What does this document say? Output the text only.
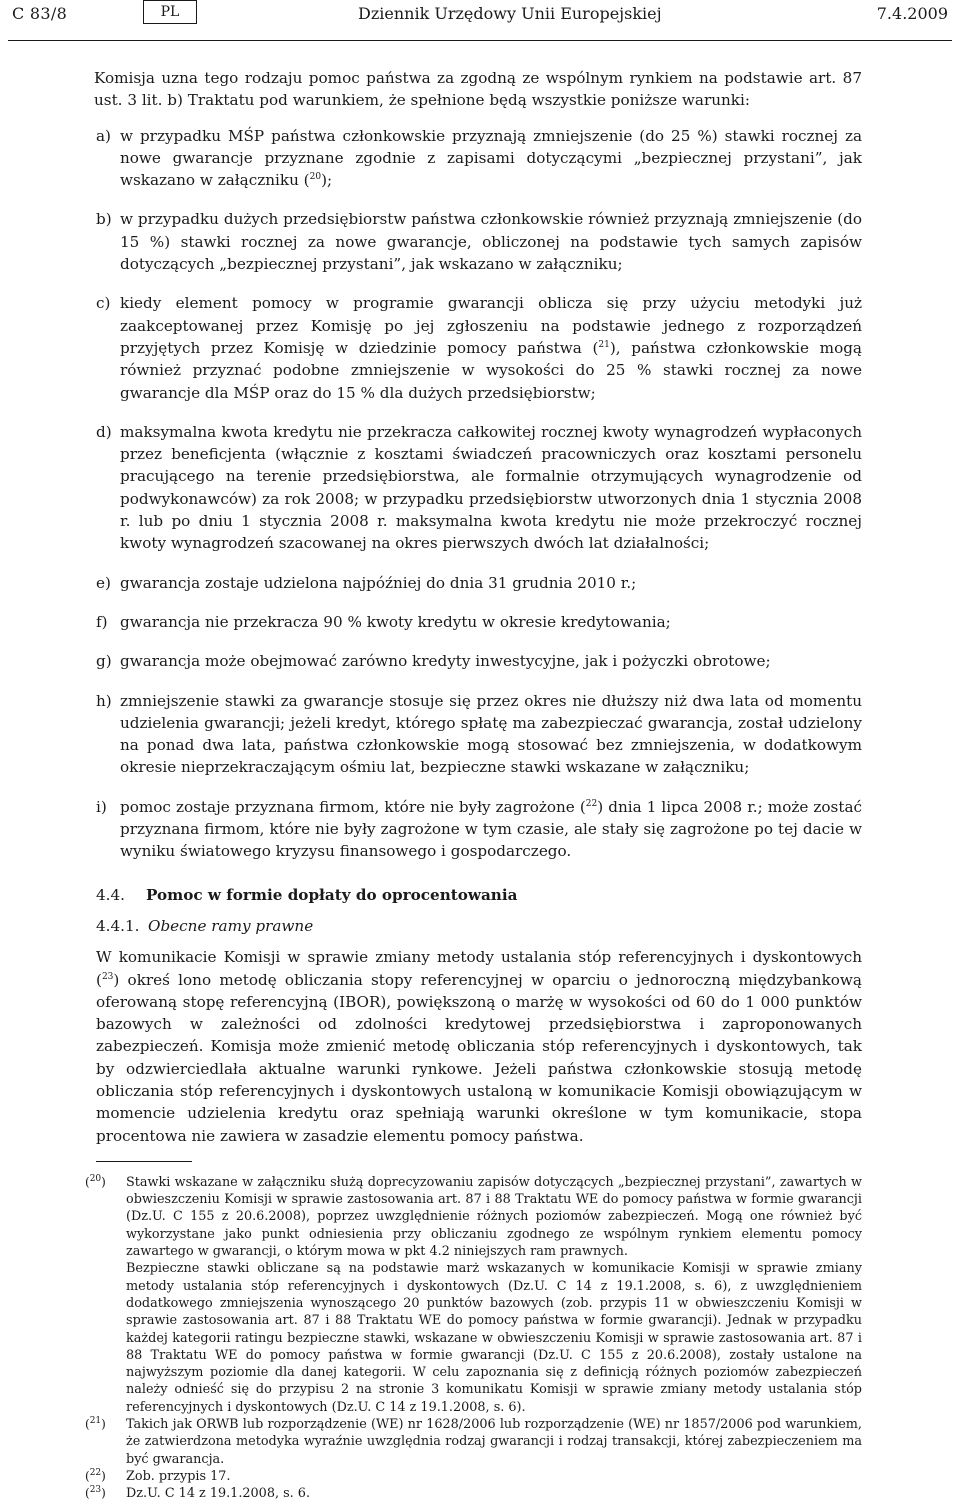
C 83/8	PL	Dziennik Urzędowy Unii Europejskiej	7.4.2009
Komisja uzna tego rodzaju pomoc państwa za zgodną ze wspólnym rynkiem na podstawie art. 87 ust. 3 lit. b) Traktatu pod warunkiem, że spełnione będą wszystkie poniższe warunki:
a) w przypadku MŚP państwa członkowskie przyznają zmniejszenie (do 25 %) stawki rocznej za nowe gwarancje przyznane zgodnie z zapisami dotyczącymi „bezpiecznej przystani”, jak wskazano w załączniku ($^{20}$);
b) w przypadku dużych przedsiębiorstw państwa członkowskie również przyznają zmniejszenie (do 15 %) stawki rocznej za nowe gwarancje, obliczonej na podstawie tych samych zapisów dotyczących „bezpiecznej przystani”, jak wskazano w załączniku;
c) kiedy element pomocy w programie gwarancji oblicza się przy użyciu metodyki już zaakceptowanej przez Komisję po jej zgłoszeniu na podstawie jednego z rozporządzeń przyjętych przez Komisję w dziedzinie pomocy państwa ($^{21}$), państwa członkowskie mogą również przyznać podobne zmniejszenie w wysokości do 25 % stawki rocznej za nowe gwarancje dla MŚP oraz do 15 % dla dużych przedsiębiorstw;
d) maksymalna kwota kredytu nie przekracza całkowitej rocznej kwoty wynagrodzeń wypłaconych przez beneficjenta (włącznie z kosztami świadczeń pracowniczych oraz kosztami personelu pracującego na terenie przedsiębiorstwa, ale formalnie otrzymujących wynagrodzenie od podwykonawców) za rok 2008; w przypadku przedsiębiorstw utworzonych dnia 1 stycznia 2008 r. lub po dniu 1 stycznia 2008 r. maksymalna kwota kredytu nie może przekroczyć rocznej kwoty wynagrodzeń szacowanej na okres pierwszych dwóch lat działalności;
e) gwarancja zostaje udzielona najpóźniej do dnia 31 grudnia 2010 r.;
f) gwarancja nie przekracza 90 % kwoty kredytu w okresie kredytowania;
g) gwarancja może obejmować zarówno kredyty inwestycyjne, jak i pożyczki obrotowe;
h) zmniejszenie stawki za gwarancje stosuje się przez okres nie dłuższy niż dwa lata od momentu udzielenia gwarancji; jeżeli kredyt, którego spłatę ma zabezpieczać gwarancja, został udzielony na ponad dwa lata, państwa członkowskie mogą stosować bez zmniejszenia, w dodatkowym okresie nieprzekraczającym ośmiu lat, bezpieczne stawki wskazane w załączniku;
i) pomoc zostaje przyznana firmom, które nie były zagrożone ($^{22}$) dnia 1 lipca 2008 r.; może zostać przyznana firmom, które nie były zagrożone w tym czasie, ale stały się zagrożone po tej dacie w wyniku światowego kryzysu finansowego i gospodarczego.
4.4. Pomoc w formie dopłaty do oprocentowania
4.4.1. Obecne ramy prawne
W komunikacie Komisji w sprawie zmiany metody ustalania stóp referencyjnych i dyskontowych ($^{23}$) okreś lono metodę obliczania stopy referencyjnej w oparciu o jednoroczną międzybankową oferowaną stopę referencyjną (IBOR), powiększoną o marżę w wysokości od 60 do 1 000 punktów bazowych w zależności od zdolności kredytowej przedsiębiorstwa i zaproponowanych zabezpieczeń. Komisja może zmienić metodę obliczania stóp referencyjnych i dyskontowych, tak by odzwierciedlała aktualne warunki rynkowe. Jeżeli państwa członkowskie stosują metodę obliczania stóp referencyjnych i dyskontowych ustaloną w komunikacie Komisji obowiązującym w momencie udzielenia kredytu oraz spełniają warunki określone w tym komunikacie, stopa procentowa nie zawiera w zasadzie elementu pomocy państwa.
($^{20}$) Stawki wskazane w załączniku służą doprecyzowaniu zapisów dotyczących „bezpiecznej przystani”, zawartych w obwieszczeniu Komisji w sprawie zastosowania art. 87 i 88 Traktatu WE do pomocy państwa w formie gwarancji (Dz.U. C 155 z 20.6.2008), poprzez uwzględnienie różnych poziomów zabezpieczeń. Mogą one również być wykorzystane jako punkt odniesienia przy obliczaniu zgodnego ze wspólnym rynkiem elementu pomocy zawartego w gwarancji, o którym mowa w pkt 4.2 niniejszych ram prawnych.
Bezpieczne stawki obliczane są na podstawie marż wskazanych w komunikacie Komisji w sprawie zmiany metody ustalania stóp referencyjnych i dyskontowych (Dz.U. C 14 z 19.1.2008, s. 6), z uwzględnieniem dodatkowego zmniejszenia wynoszącego 20 punktów bazowych (zob. przypis 11 w obwieszczeniu Komisji w sprawie zastosowania art. 87 i 88 Traktatu WE do pomocy państwa w formie gwarancji). Jednak w przypadku każdej kategorii ratingu bezpieczne stawki, wskazane w obwieszczeniu Komisji w sprawie zastosowania art. 87 i 88 Traktatu WE do pomocy państwa w formie gwarancji (Dz.U. C 155 z 20.6.2008), zostały ustalone na najwyższym poziomie dla danej kategorii. W celu zapoznania się z definicją różnych poziomów zabezpieczeń należy odnieść się do przypisu 2 na stronie 3 komunikatu Komisji w sprawie zmiany metody ustalania stóp referencyjnych i dyskontowych (Dz.U. C 14 z 19.1.2008, s. 6).
($^{21}$) Takich jak ORWB lub rozporządzenie (WE) nr 1628/2006 lub rozporządzenie (WE) nr 1857/2006 pod warunkiem, że zatwierdzona metodyka wyraźnie uwzględnia rodzaj gwarancji i rodzaj transakcji, której zabezpieczeniem ma być gwarancja.
($^{22}$) Zob. przypis 17.
($^{23}$) Dz.U. C 14 z 19.1.2008, s. 6.
